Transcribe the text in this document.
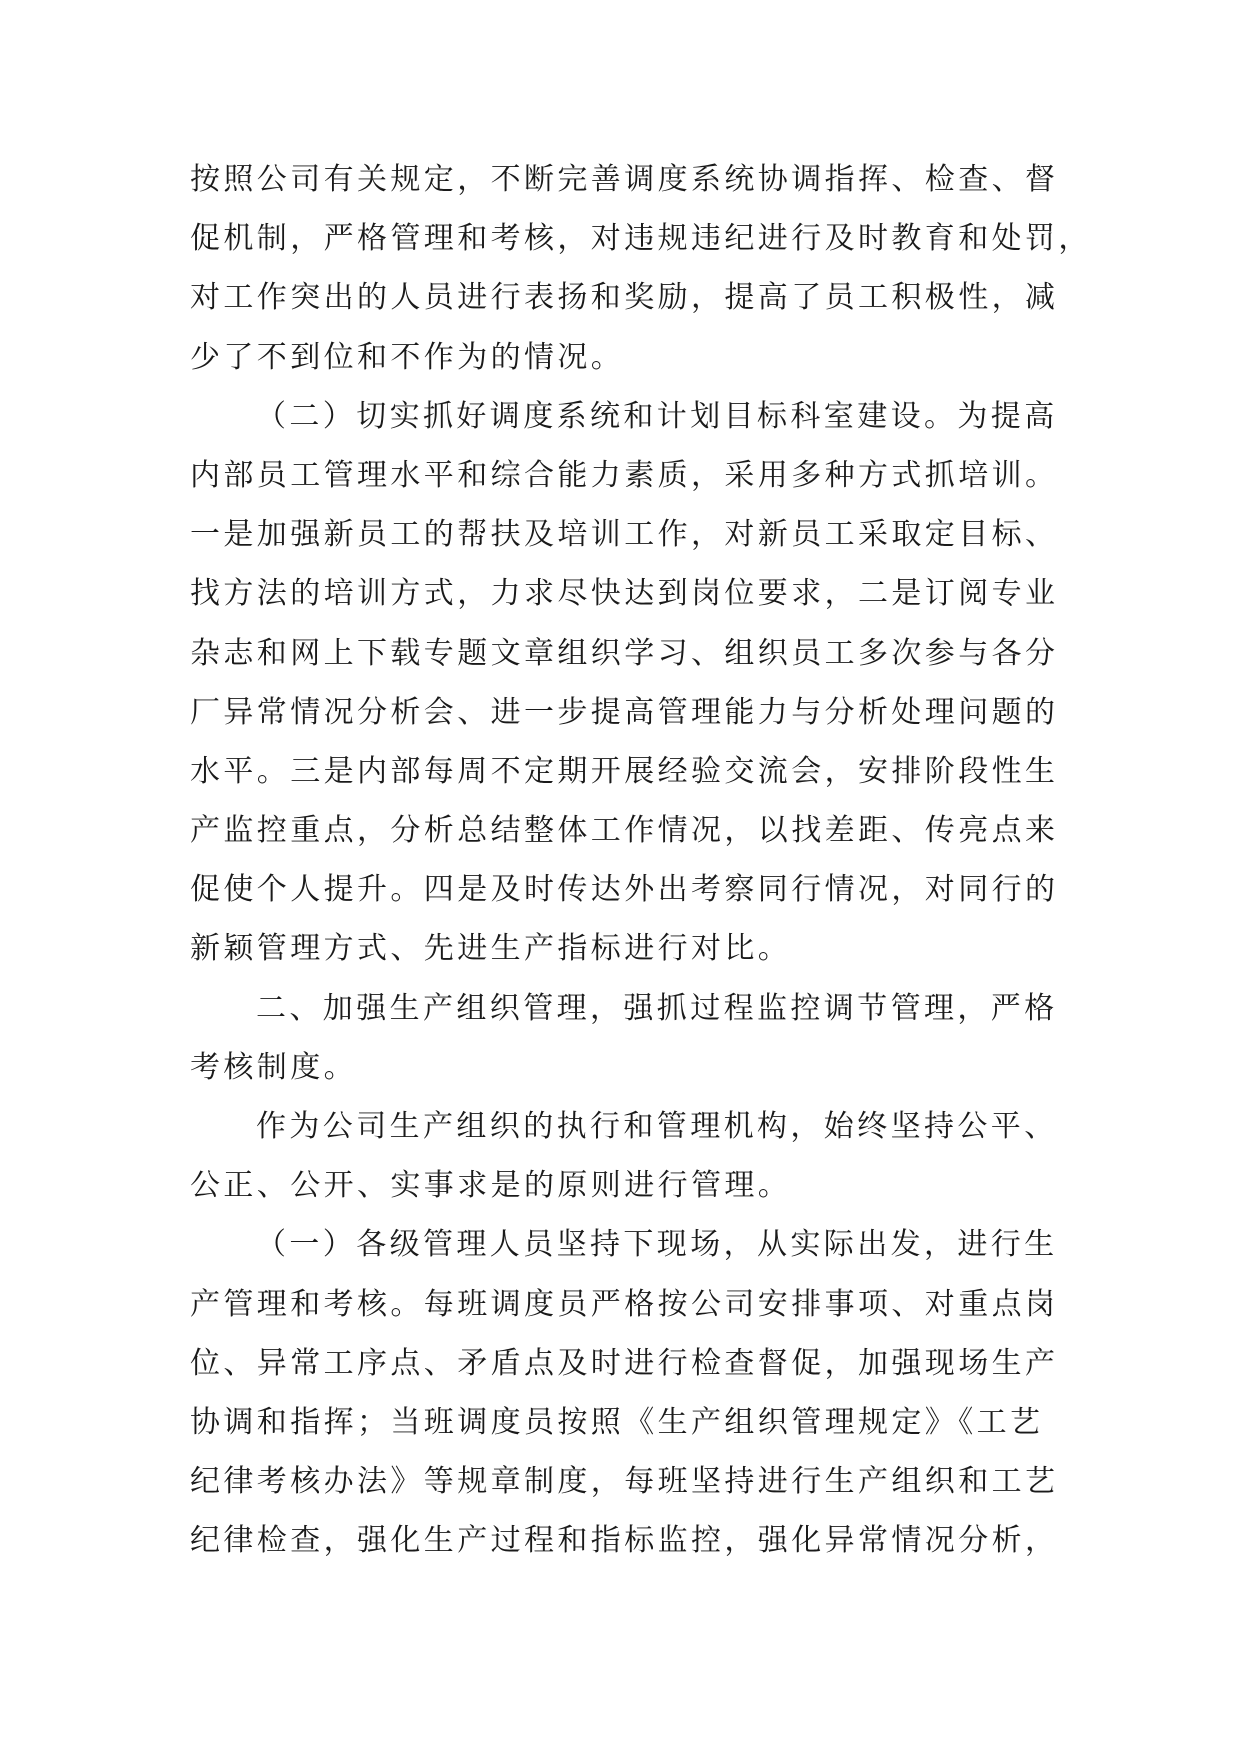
按照公司有关规定，不断完善调度系统协调指挥、检查、督
促机制，严格管理和考核，对违规违纪进行及时教育和处罚，
对工作突出的人员进行表扬和奖励，提高了员工积极性，减
少了不到位和不作为的情况。
（二）切实抓好调度系统和计划目标科室建设。为提高
内部员工管理水平和综合能力素质，采用多种方式抓培训。
一是加强新员工的帮扶及培训工作，对新员工采取定目标、
找方法的培训方式，力求尽快达到岗位要求，二是订阅专业
杂志和网上下载专题文章组织学习、组织员工多次参与各分
厂异常情况分析会、进一步提高管理能力与分析处理问题的
水平。三是内部每周不定期开展经验交流会，安排阶段性生
产监控重点，分析总结整体工作情况，以找差距、传亮点来
促使个人提升。四是及时传达外出考察同行情况，对同行的
新颖管理方式、先进生产指标进行对比。
二、加强生产组织管理，强抓过程监控调节管理，严格
考核制度。
作为公司生产组织的执行和管理机构，始终坚持公平、
公正、公开、实事求是的原则进行管理。
（一）各级管理人员坚持下现场，从实际出发，进行生
产管理和考核。每班调度员严格按公司安排事项、对重点岗
位、异常工序点、矛盾点及时进行检查督促，加强现场生产
协调和指挥；当班调度员按照《生产组织管理规定》《工艺
纪律考核办法》等规章制度，每班坚持进行生产组织和工艺
纪律检查，强化生产过程和指标监控，强化异常情况分析，
